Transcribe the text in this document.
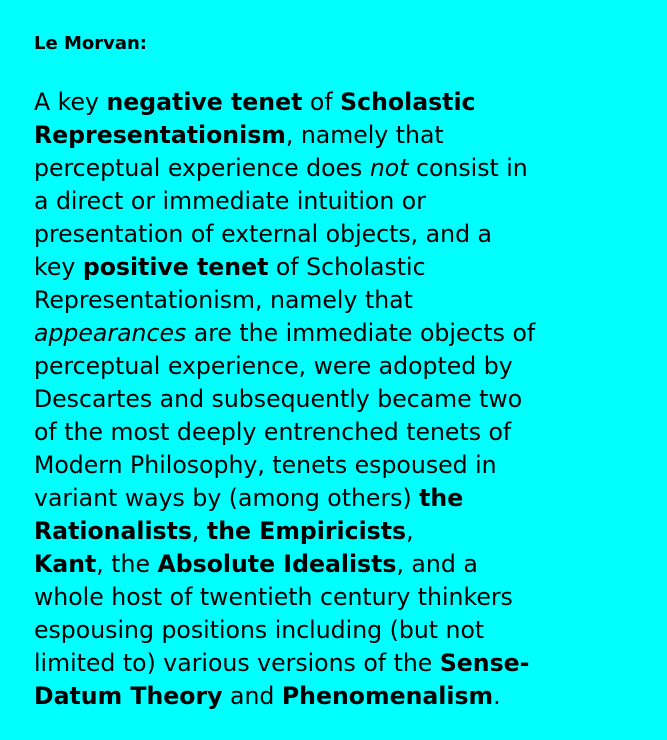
Le Morvan:

A key negative tenet of Scholastic
Representationism, namely that
perceptual experience does not consist in
a direct or immediate intuition or
presentation of external objects, and a
key positive tenet of Scholastic
Representationism, namely that
appearances are the immediate objects of
perceptual experience, were adopted by
Descartes and subsequently became two
of the most deeply entrenched tenets of
Modern Philosophy, tenets espoused in
variant ways by (among others) the
Rationalists, the Empiricists,
Kant, the Absolute Idealists, and a
whole host of twentieth century thinkers
espousing positions including (but not
limited to) various versions of the Sense-
Datum Theory and Phenomenalism.
